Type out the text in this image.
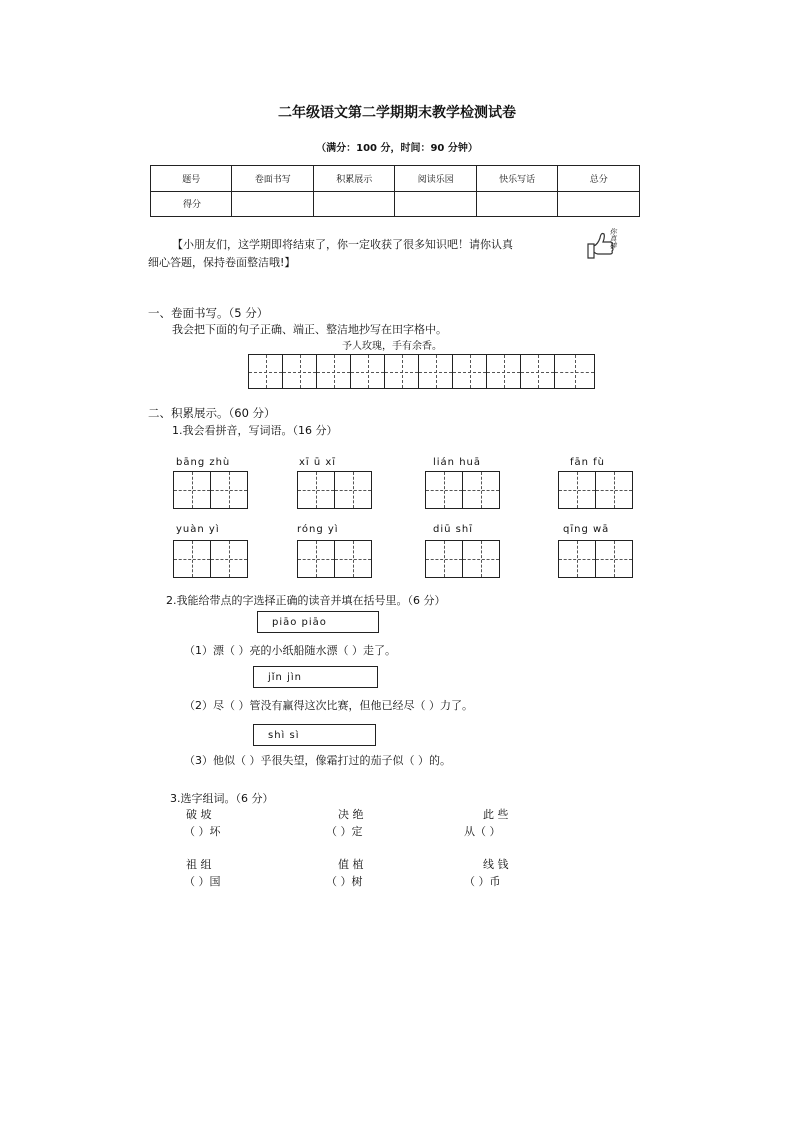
二年级语文第二学期期末教学检测试卷
（满分：100 分，时间：90 分钟）
题号	卷面书写	积累展示	阅读乐园	快乐写话	总分
得分					
【小朋友们，这学期即将结束了，你一定收获了很多知识吧！请你认真
细心答题，保持卷面整洁哦!】
你真棒
一、卷面书写。（5 分）
我会把下面的句子正确、端正、整洁地抄写在田字格中。
予人玫瑰，手有余香。
二、积累展示。（60 分）
1.我会看拼音，写词语。（16 分）
bāng zhù	xī ū xī	lián huā	fān fù
yuàn yì	róng yì	diū shī	qīng wā
2.我能给带点的字选择正确的读音并填在括号里。（6 分）
piāo piāo
（1）漂（ ）亮的小纸船随水漂（ ）走了。
jǐn jìn
（2）尽（ ）管没有赢得这次比赛，但他已经尽（ ）力了。
shì sì
（3）他似（ ）乎很失望，像霜打过的茄子似（ ）的。
3.选字组词。（6 分）
破 坡	决 绝	此 些
（ ）坏	（ ）定	从（ ）
祖 组	值 植	线 钱
（ ）国	（ ）树	（ ）币
